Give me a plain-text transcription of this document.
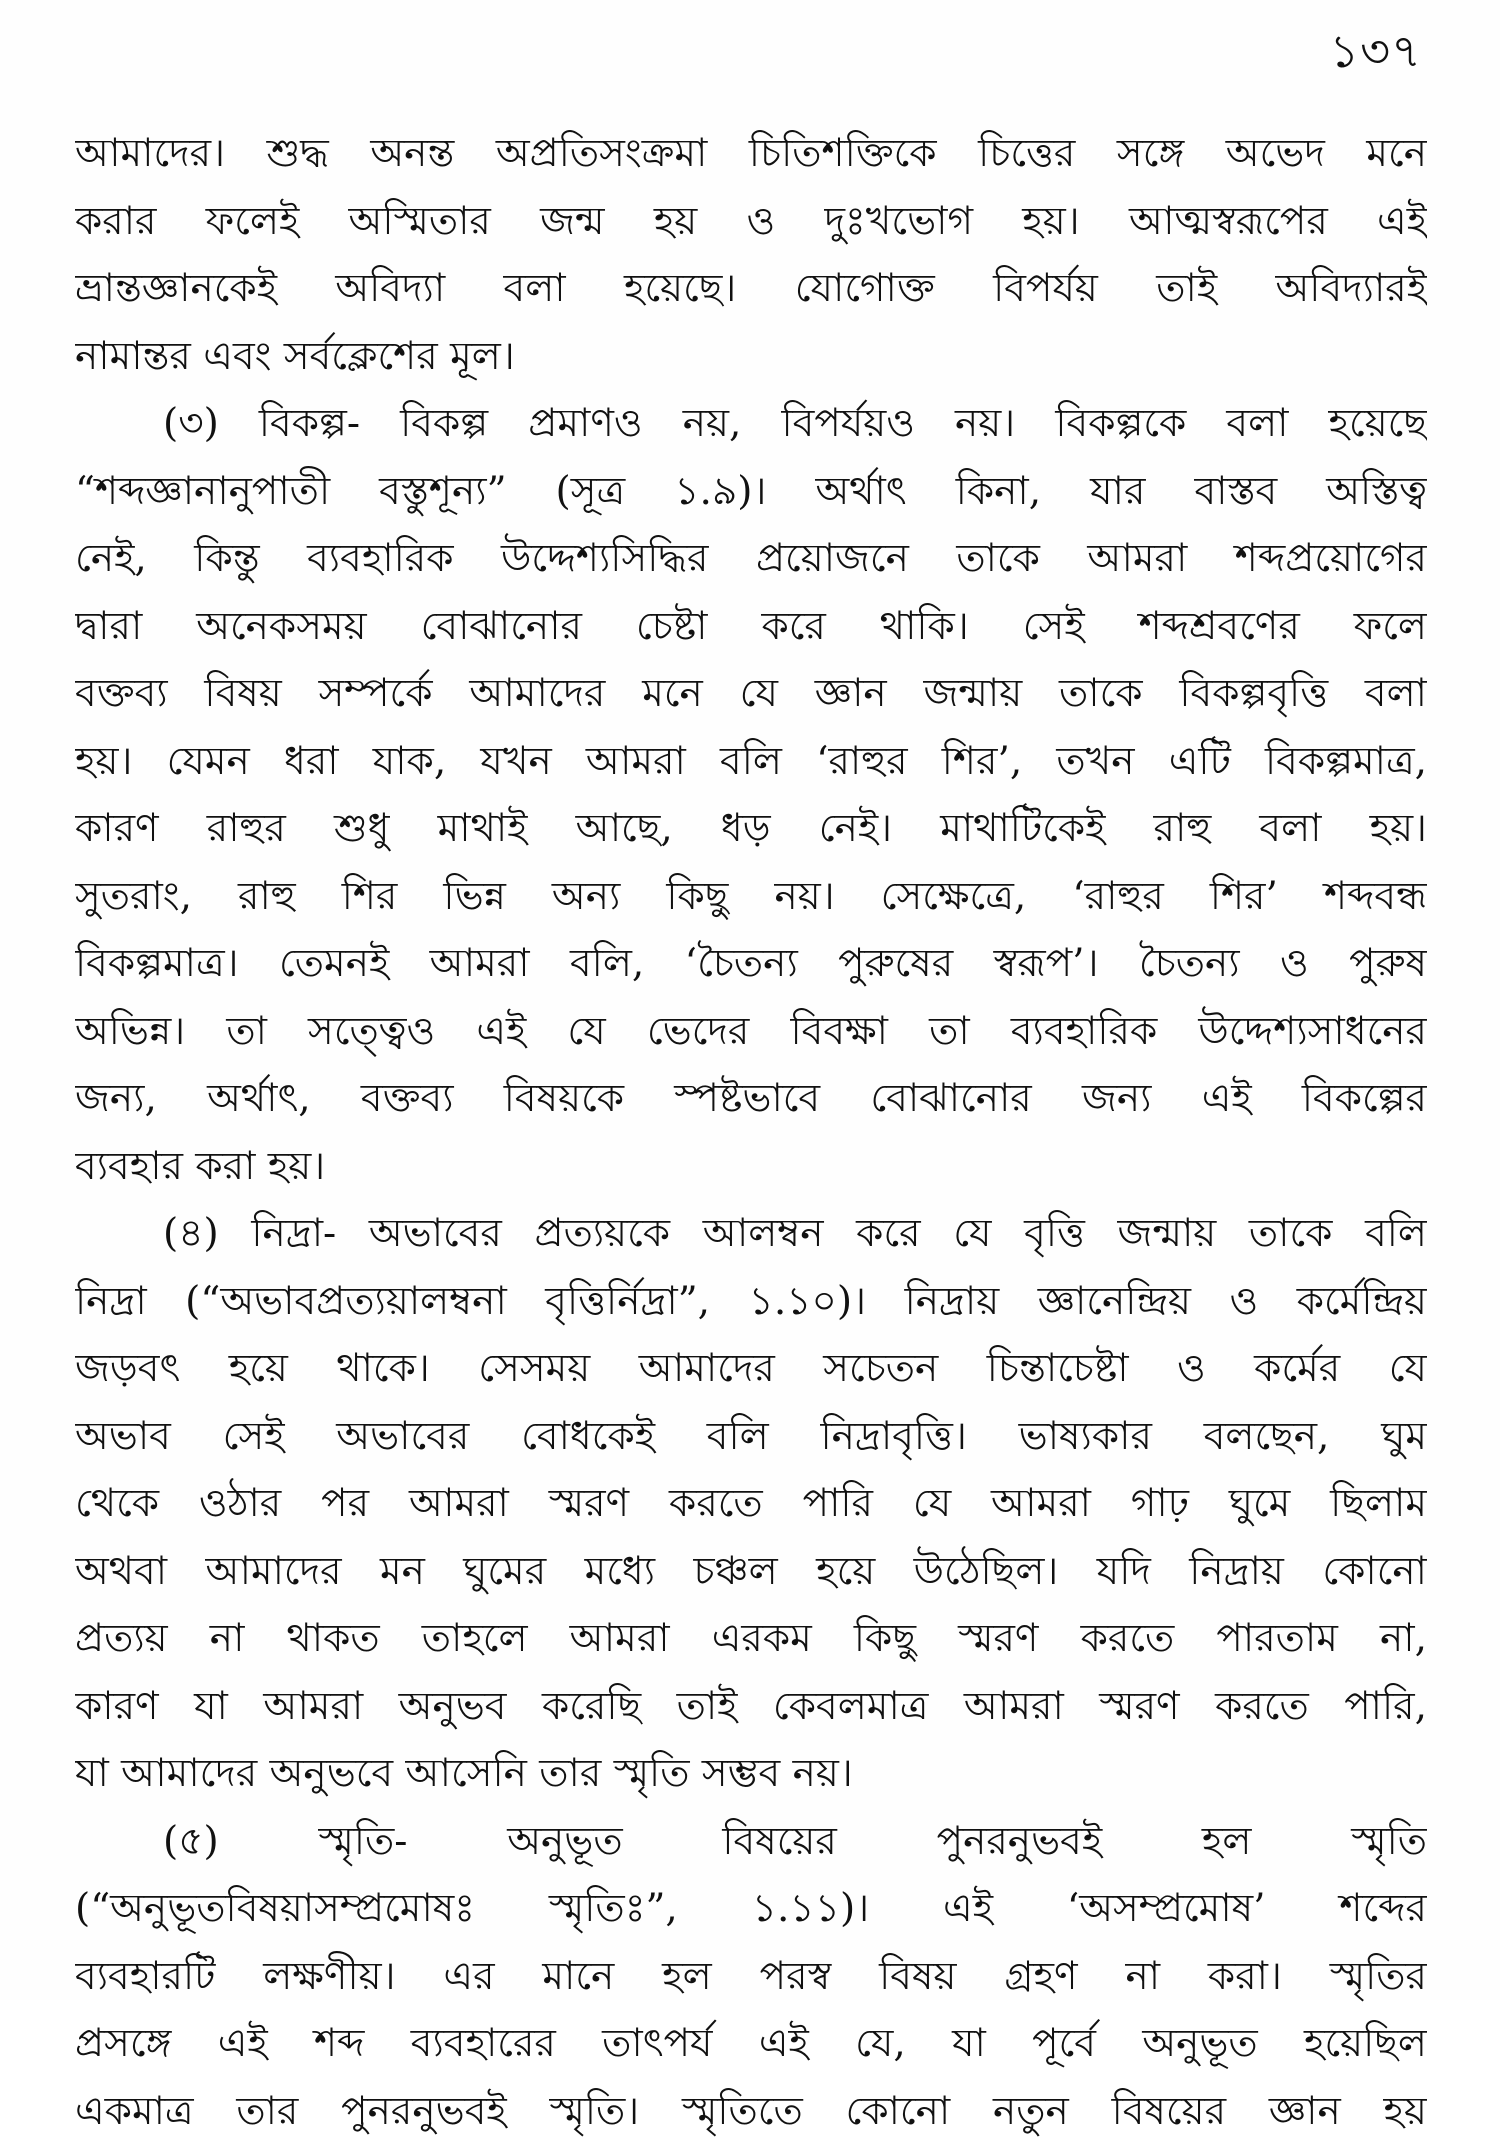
১৩৭
আমাদের। শুদ্ধ অনন্ত অপ্রতিসংক্রমা চিতিশক্তিকে চিত্তের সঙ্গে অভেদ মনে
করার ফলেই অস্মিতার জন্ম হয় ও দুঃখভোগ হয়। আত্মস্বরূপের এই
ভ্রান্তজ্ঞানকেই অবিদ্যা বলা হয়েছে। যোগোক্ত বিপর্যয় তাই অবিদ্যারই
নামান্তর এবং সর্বক্লেশের মূল।
(৩) বিকল্প- বিকল্প প্রমাণও নয়, বিপর্যয়ও নয়। বিকল্পকে বলা হয়েছে
“শব্দজ্ঞানানুপাতী বস্তুশূন্য” (সূত্র ১.৯)। অর্থাৎ কিনা, যার বাস্তব অস্তিত্ব
নেই, কিন্তু ব্যবহারিক উদ্দেশ্যসিদ্ধির প্রয়োজনে তাকে আমরা শব্দপ্রয়োগের
দ্বারা অনেকসময় বোঝানোর চেষ্টা করে থাকি। সেই শব্দশ্রবণের ফলে
বক্তব্য বিষয় সম্পর্কে আমাদের মনে যে জ্ঞান জন্মায় তাকে বিকল্পবৃত্তি বলা
হয়। যেমন ধরা যাক, যখন আমরা বলি ‘রাহুর শির’, তখন এটি বিকল্পমাত্র,
কারণ রাহুর শুধু মাথাই আছে, ধড় নেই। মাথাটিকেই রাহু বলা হয়।
সুতরাং, রাহু শির ভিন্ন অন্য কিছু নয়। সেক্ষেত্রে, ‘রাহুর শির’ শব্দবন্ধ
বিকল্পমাত্র। তেমনই আমরা বলি, ‘চৈতন্য পুরুষের স্বরূপ’। চৈতন্য ও পুরুষ
অভিন্ন। তা সত্ত্বেও এই যে ভেদের বিবক্ষা তা ব্যবহারিক উদ্দেশ্যসাধনের
জন্য, অর্থাৎ, বক্তব্য বিষয়কে স্পষ্টভাবে বোঝানোর জন্য এই বিকল্পের
ব্যবহার করা হয়।
(৪) নিদ্রা- অভাবের প্রত্যয়কে আলম্বন করে যে বৃত্তি জন্মায় তাকে বলি
নিদ্রা (“অভাবপ্রত্যয়ালম্বনা বৃত্তির্নিদ্রা”, ১.১০)। নিদ্রায় জ্ঞানেন্দ্রিয় ও কর্মেন্দ্রিয়
জড়বৎ হয়ে থাকে। সেসময় আমাদের সচেতন চিন্তাচেষ্টা ও কর্মের যে
অভাব সেই অভাবের বোধকেই বলি নিদ্রাবৃত্তি। ভাষ্যকার বলছেন, ঘুম
থেকে ওঠার পর আমরা স্মরণ করতে পারি যে আমরা গাঢ় ঘুমে ছিলাম
অথবা আমাদের মন ঘুমের মধ্যে চঞ্চল হয়ে উঠেছিল। যদি নিদ্রায় কোনো
প্রত্যয় না থাকত তাহলে আমরা এরকম কিছু স্মরণ করতে পারতাম না,
কারণ যা আমরা অনুভব করেছি তাই কেবলমাত্র আমরা স্মরণ করতে পারি,
যা আমাদের অনুভবে আসেনি তার স্মৃতি সম্ভব নয়।
(৫) স্মৃতি- অনুভূত বিষয়ের পুনরনুভবই হল স্মৃতি
(“অনুভূতবিষয়াসম্প্রমোষঃ স্মৃতিঃ”, ১.১১)। এই ‘অসম্প্রমোষ’ শব্দের
ব্যবহারটি লক্ষণীয়। এর মানে হল পরস্ব বিষয় গ্রহণ না করা। স্মৃতির
প্রসঙ্গে এই শব্দ ব্যবহারের তাৎপর্য এই যে, যা পূর্বে অনুভূত হয়েছিল
একমাত্র তার পুনরনুভবই স্মৃতি। স্মৃতিতে কোনো নতুন বিষয়ের জ্ঞান হয়
